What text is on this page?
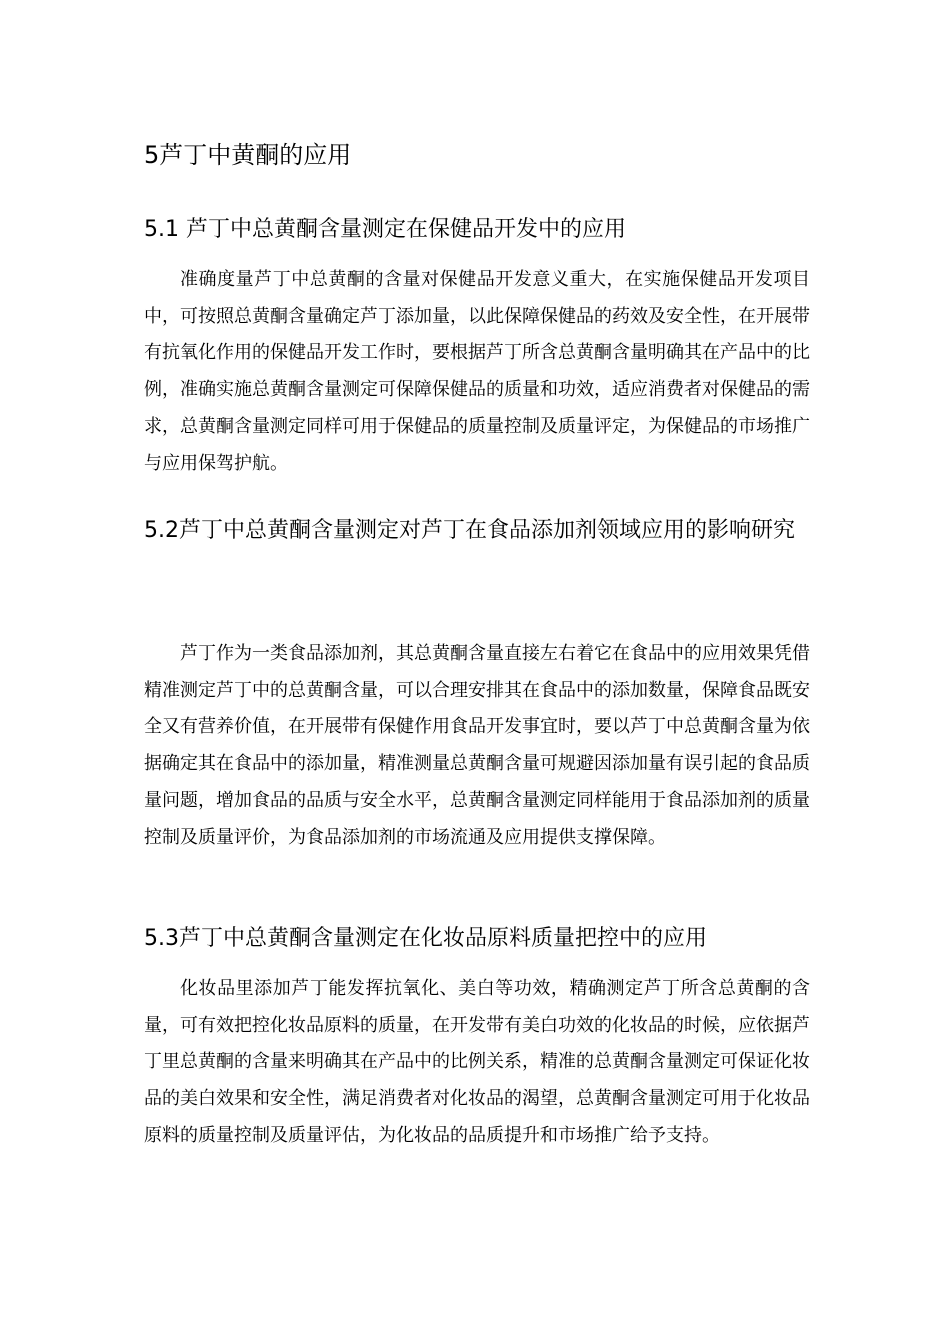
5芦丁中黄酮的应用
5.1 芦丁中总黄酮含量测定在保健品开发中的应用

准确度量芦丁中总黄酮的含量对保健品开发意义重大，在实施保健品开发项目中，可按照总黄酮含量确定芦丁添加量，以此保障保健品的药效及安全性，在开展带有抗氧化作用的保健品开发工作时，要根据芦丁所含总黄酮含量明确其在产品中的比例，准确实施总黄酮含量测定可保障保健品的质量和功效，适应消费者对保健品的需求，总黄酮含量测定同样可用于保健品的质量控制及质量评定，为保健品的市场推广与应用保驾护航。

5.2芦丁中总黄酮含量测定对芦丁在食品添加剂领域应用的影响研究

芦丁作为一类食品添加剂，其总黄酮含量直接左右着它在食品中的应用效果凭借精准测定芦丁中的总黄酮含量，可以合理安排其在食品中的添加数量，保障食品既安全又有营养价值，在开展带有保健作用食品开发事宜时，要以芦丁中总黄酮含量为依据确定其在食品中的添加量，精准测量总黄酮含量可规避因添加量有误引起的食品质量问题，增加食品的品质与安全水平，总黄酮含量测定同样能用于食品添加剂的质量控制及质量评价，为食品添加剂的市场流通及应用提供支撑保障。

5.3芦丁中总黄酮含量测定在化妆品原料质量把控中的应用

化妆品里添加芦丁能发挥抗氧化、美白等功效，精确测定芦丁所含总黄酮的含量，可有效把控化妆品原料的质量，在开发带有美白功效的化妆品的时候，应依据芦丁里总黄酮的含量来明确其在产品中的比例关系，精准的总黄酮含量测定可保证化妆品的美白效果和安全性，满足消费者对化妆品的渴望，总黄酮含量测定可用于化妆品原料的质量控制及质量评估，为化妆品的品质提升和市场推广给予支持。
